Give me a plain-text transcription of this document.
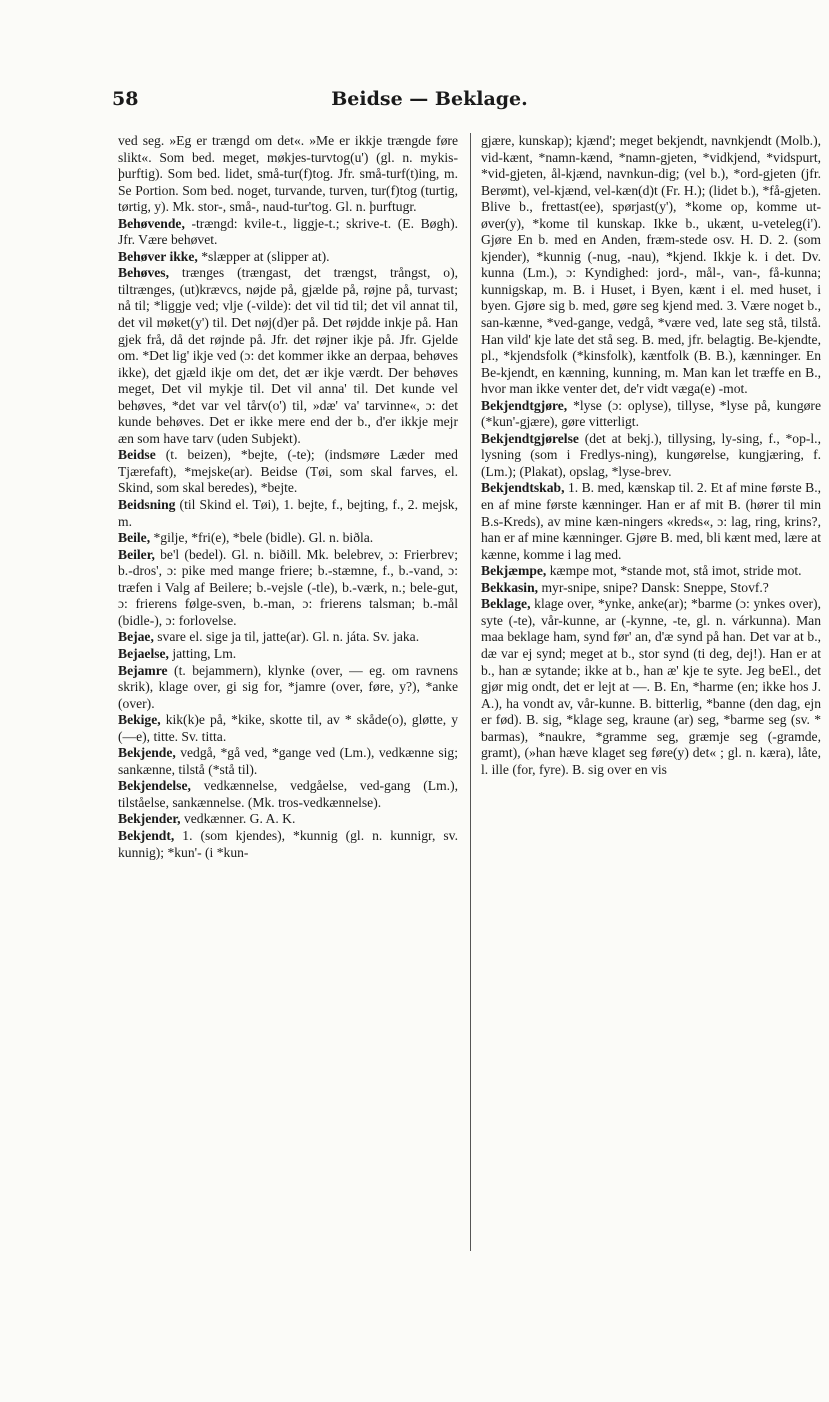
58	Beidse — Beklage.

ved seg. »Eg er trængd om det«. »Me er ikkje trængde føre slikt«. Som bed. meget, møkjes-turvtog(u') (gl. n. mykis-þurftig). Som bed. lidet, små-tur(f)tog. Jfr. små-turf(t)ing, m. Se Portion. Som bed. noget, turvande, turven, tur(f)tog (turtig, tørtig, y). Mk. stor-, små-, naud-tur'tog. Gl. n. þurftugr.

Behøvende, -trængd: kvile-t., liggje-t.; skrive-t. (E. Bøgh). Jfr. Være behøvet.

Behøver ikke, *slæpper at (slipper at).

Behøves, trænges (trængast, det trængst, trångst, o), tiltrænges, (ut)krævcs, nøjde på, gjælde på, røjne på, turvast; nå til; *liggje ved; vlje (-vilde): det vil tid til; det vil annat til, det vil møket(y') til. Det nøj(d)er på. Det røjdde inkje på. Han gjek frå, då det røjnde på. Jfr. det røjner ikje på. Jfr. Gjelde om. *Det lig' ikje ved (ɔ: det kommer ikke an derpaa, behøves ikke), det gjæld ikje om det, det ær ikje værdt. Der behøves meget, Det vil mykje til. Det vil anna' til. Det kunde vel behøves, *det var vel tårv(o') til, »dæ' va' tarvinne«, ɔ: det kunde behøves. Det er ikke mere end der b., d'er ikkje mejr æn som have tarv (uden Subjekt).

Beidse (t. beizen), *bejte, (-te); (indsmøre Læder med Tjærefaft), *mejske(ar). Beidse (Tøi, som skal farves, el. Skind, som skal beredes), *bejte.

Beidsning (til Skind el. Tøi), 1. bejte, f., bejting, f., 2. mejsk, m.

Beile, *gilje, *fri(e), *bele (bidle). Gl. n. biðla.

Beiler, be'l (bedel). Gl. n. biðill. Mk. belebrev, ɔ: Frierbrev; b.-dros', ɔ: pike med mange friere; b.-stæmne, f., b.-vand, ɔ: træfen i Valg af Beilere; b.-vejsle (-tle), b.-værk, n.; bele-gut, ɔ: frierens følge-sven, b.-man, ɔ: frierens talsman; b.-mål (bidle-), ɔ: forlovelse.

Bejae, svare el. sige ja til, jatte(ar). Gl. n. játa. Sv. jaka.

Bejaelse, jatting, Lm.

Bejamre (t. bejammern), klynke (over, — eg. om ravnens skrik), klage over, gi sig for, *jamre (over, føre, y?), *anke (over).

Bekige, kik(k)e på, *kike, skotte til, av * skåde(o), gløtte, y (—e), titte. Sv. titta.

Bekjende, vedgå, *gå ved, *gange ved (Lm.), vedkænne sig; sankænne, tilstå (*stå til).

Bekjendelse, vedkænnelse, vedgåelse, ved-gang (Lm.), tilståelse, sankænnelse. (Mk. tros-vedkænnelse).

Bekjender, vedkænner. G. A. K.

Bekjendt, 1. (som kjendes), *kunnig (gl. n. kunnigr, sv. kunnig); *kun'- (i *kun-

gjære, kunskap); kjænd'; meget bekjendt, navnkjendt (Molb.), vid-kænt, *namn-kænd, *namn-gjeten, *vidkjend, *vidspurt, *vid-gjeten, ål-kjænd, navnkun-dig; (vel b.), *ord-gjeten (jfr. Berømt), vel-kjænd, vel-kæn(d)t (Fr. H.); (lidet b.), *få-gjeten. Blive b., frettast(ee), spørjast(y'), *kome op, komme ut-øver(y), *kome til kunskap. Ikke b., ukænt, u-veteleg(i'). Gjøre En b. med en Anden, fræm-stede osv. H. D. 2. (som kjender), *kunnig (-nug, -nau), *kjend. Ikkje k. i det. Dv. kunna (Lm.), ɔ: Kyndighed: jord-, mål-, van-, få-kunna; kunnigskap, m. B. i Huset, i Byen, kænt i el. med huset, i byen. Gjøre sig b. med, gøre seg kjend med. 3. Være noget b., san-kænne, *ved-gange, vedgå, *være ved, late seg stå, tilstå. Han vild' kje late det stå seg. B. med, jfr. belagtig. Be-kjendte, pl., *kjendsfolk (*kinsfolk), kæntfolk (B. B.), kænninger. En Be-kjendt, en kænning, kunning, m. Man kan let træffe en B., hvor man ikke venter det, de'r vidt væga(e) -mot.

Bekjendtgjøre, *lyse (ɔ: oplyse), tillyse, *lyse på, kungøre (*kun'-gjære), gøre vitterligt.

Bekjendtgjørelse (det at bekj.), tillysing, ly-sing, f., *op-l., lysning (som i Fredlys-ning), kungørelse, kungjæring, f. (Lm.); (Plakat), opslag, *lyse-brev.

Bekjendtskab, 1. B. med, kænskap til. 2. Et af mine første B., en af mine første kænninger. Han er af mit B. (hører til min B.s-Kreds), av mine kæn-ningers «kreds«, ɔ: lag, ring, krins?, han er af mine kænninger. Gjøre B. med, bli kænt med, lære at kænne, komme i lag med.

Bekjæmpe, kæmpe mot, *stande mot, stå imot, stride mot.

Bekkasin, myr-snipe, snipe? Dansk: Sneppe, Stovf.?

Beklage, klage over, *ynke, anke(ar); *barme (ɔ: ynkes over), syte (-te), vår-kunne, ar (-kynne, -te, gl. n. várkunna). Man maa beklage ham, synd før' an, d'æ synd på han. Det var at b., dæ var ej synd; meget at b., stor synd (ti deg, dej!). Han er at b., han æ sytande; ikke at b., han æ' kje te syte. Jeg beEl., det gjør mig ondt, det er lejt at —. B. En, *harme (en; ikke hos J. A.), ha vondt av, vår-kunne. B. bitterlig, *banne (den dag, ejn er fød). B. sig, *klage seg, kraune (ar) seg, *barme seg (sv. * barmas), *naukre, *gramme seg, græmje seg (-gramde, gramt), (»han hæve klaget seg føre(y) det« ; gl. n. kæra), låte, l. ille (for, fyre). B. sig over en vis
